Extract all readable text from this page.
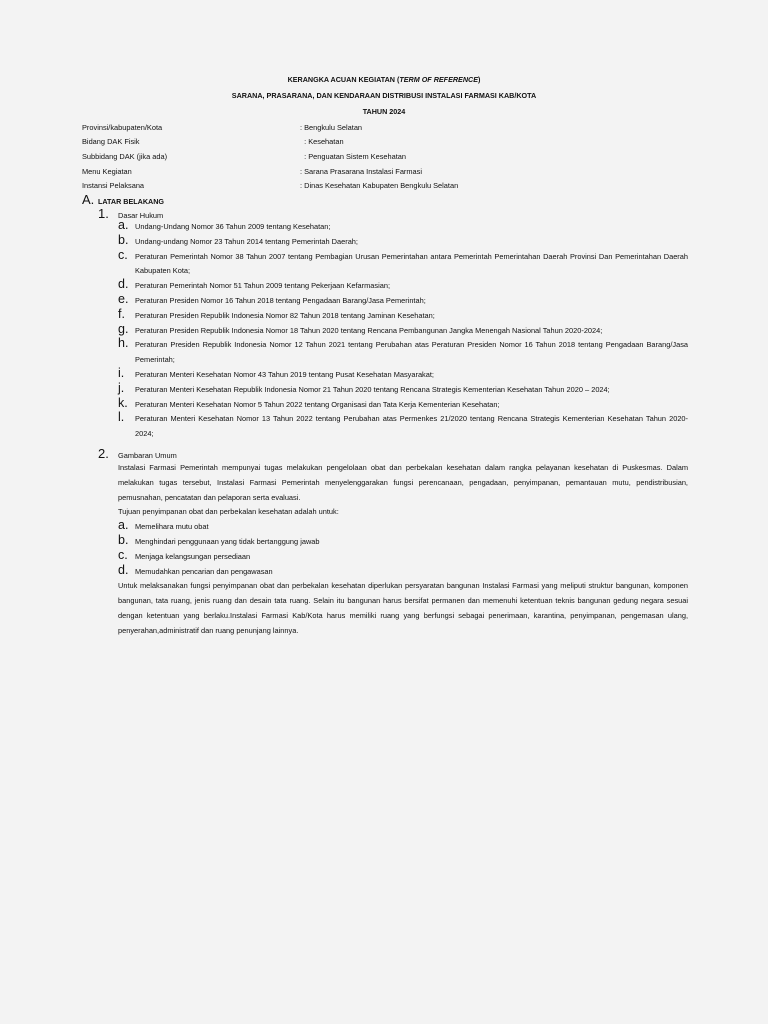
KERANGKA ACUAN KEGIATAN (TERM OF REFERENCE)

SARANA, PRASARANA, DAN KENDARAAN DISTRIBUSI INSTALASI FARMASI KAB/KOTA

TAHUN 2024

Provinsi/kabupaten/Kota	: Bengkulu Selatan
Bidang DAK Fisik	: Kesehatan
Subbidang DAK (jika ada)	: Penguatan Sistem Kesehatan
Menu Kegiatan	: Sarana Prasarana Instalasi Farmasi
Instansi Pelaksana	: Dinas Kesehatan Kabupaten Bengkulu Selatan
A. LATAR BELAKANG
1.	Dasar Hukum
a. Undang-Undang Nomor 36 Tahun 2009 tentang Kesehatan;
b. Undang-undang Nomor 23 Tahun 2014 tentang Pemerintah Daerah;
c. Peraturan Pemerintah Nomor 38 Tahun 2007 tentang Pembagian Urusan Pemerintahan antara Pemerintah Pemerintahan Daerah Provinsi Dan Pemerintahan Daerah Kabupaten Kota;
d. Peraturan Pemerintah Nomor 51 Tahun 2009 tentang Pekerjaan Kefarmasian;
e. Peraturan Presiden Nomor 16 Tahun 2018 tentang Pengadaan Barang/Jasa Pemerintah;
f.	Peraturan Presiden Republik Indonesia Nomor 82 Tahun 2018 tentang Jaminan Kesehatan;
g. Peraturan Presiden Republik Indonesia Nomor 18 Tahun 2020 tentang Rencana Pembangunan Jangka Menengah Nasional Tahun 2020-2024;
h. Peraturan Presiden Republik Indonesia Nomor 12 Tahun 2021 tentang Perubahan atas Peraturan Presiden Nomor 16 Tahun 2018 tentang Pengadaan Barang/Jasa Pemerintah;
i.	Peraturan Menteri Kesehatan Nomor 43 Tahun 2019 tentang Pusat Kesehatan Masyarakat;
j.	Peraturan Menteri Kesehatan Republik Indonesia Nomor 21 Tahun 2020 tentang Rencana Strategis Kementerian Kesehatan Tahun 2020 – 2024;
k. Peraturan Menteri Kesehatan Nomor 5 Tahun 2022 tentang Organisasi dan Tata Kerja Kementerian Kesehatan;
l.	Peraturan Menteri Kesehatan Nomor 13 Tahun 2022 tentang Perubahan atas Permenkes 21/2020 tentang Rencana Strategis Kementerian Kesehatan Tahun 2020-2024;
2.	Gambaran Umum
Instalasi Farmasi Pemerintah mempunyai tugas melakukan pengelolaan obat dan perbekalan kesehatan dalam rangka pelayanan kesehatan di Puskesmas. Dalam melakukan tugas tersebut, Instalasi Farmasi Pemerintah menyelenggarakan fungsi perencanaan, pengadaan, penyimpanan, pemantauan mutu, pendistribusian, pemusnahan, pencatatan dan pelaporan serta evaluasi.
Tujuan penyimpanan obat dan perbekalan kesehatan adalah untuk:
a. Memelihara mutu obat
b. Menghindari penggunaan yang tidak bertanggung jawab
c. Menjaga kelangsungan persediaan
d. Memudahkan pencarian dan pengawasan
Untuk melaksanakan fungsi penyimpanan obat dan perbekalan kesehatan diperlukan persyaratan bangunan Instalasi Farmasi yang meliputi struktur bangunan, komponen bangunan, tata ruang, jenis ruang dan desain tata ruang. Selain itu bangunan harus bersifat permanen dan memenuhi ketentuan teknis bangunan gedung negara sesuai dengan ketentuan yang berlaku.Instalasi Farmasi Kab/Kota harus memiliki ruang yang berfungsi sebagai penerimaan, karantina, penyimpanan, pengemasan ulang, penyerahan,administratif dan ruang penunjang lainnya.
